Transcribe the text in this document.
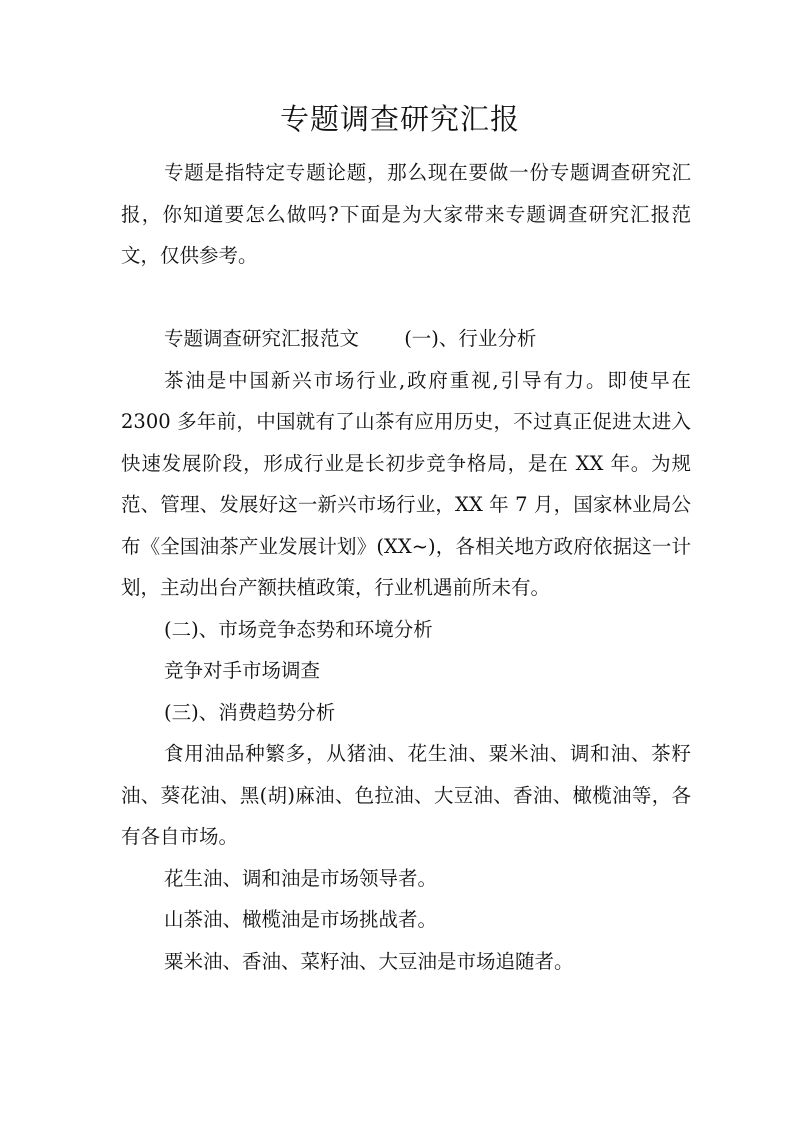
专题调查研究汇报

专题是指特定专题论题，那么现在要做一份专题调查研究汇报，你知道要怎么做吗?下面是为大家带来专题调查研究汇报范文，仅供参考。

专题调查研究汇报范文　　 (一)、行业分析

茶油是中国新兴市场行业,政府重视,引导有力。即使早在 2300 多年前，中国就有了山茶有应用历史，不过真正促进太进入快速发展阶段，形成行业是长初步竞争格局，是在 XX 年。为规范、管理、发展好这一新兴市场行业，XX 年 7 月，国家林业局公布《全国油茶产业发展计划》(XX~)，各相关地方政府依据这一计划，主动出台产额扶植政策，行业机遇前所未有。

(二)、市场竞争态势和环境分析

竞争对手市场调查

(三)、消费趋势分析

食用油品种繁多，从猪油、花生油、粟米油、调和油、茶籽油、葵花油、黑(胡)麻油、色拉油、大豆油、香油、橄榄油等，各有各自市场。

花生油、调和油是市场领导者。

山茶油、橄榄油是市场挑战者。

粟米油、香油、菜籽油、大豆油是市场追随者。
